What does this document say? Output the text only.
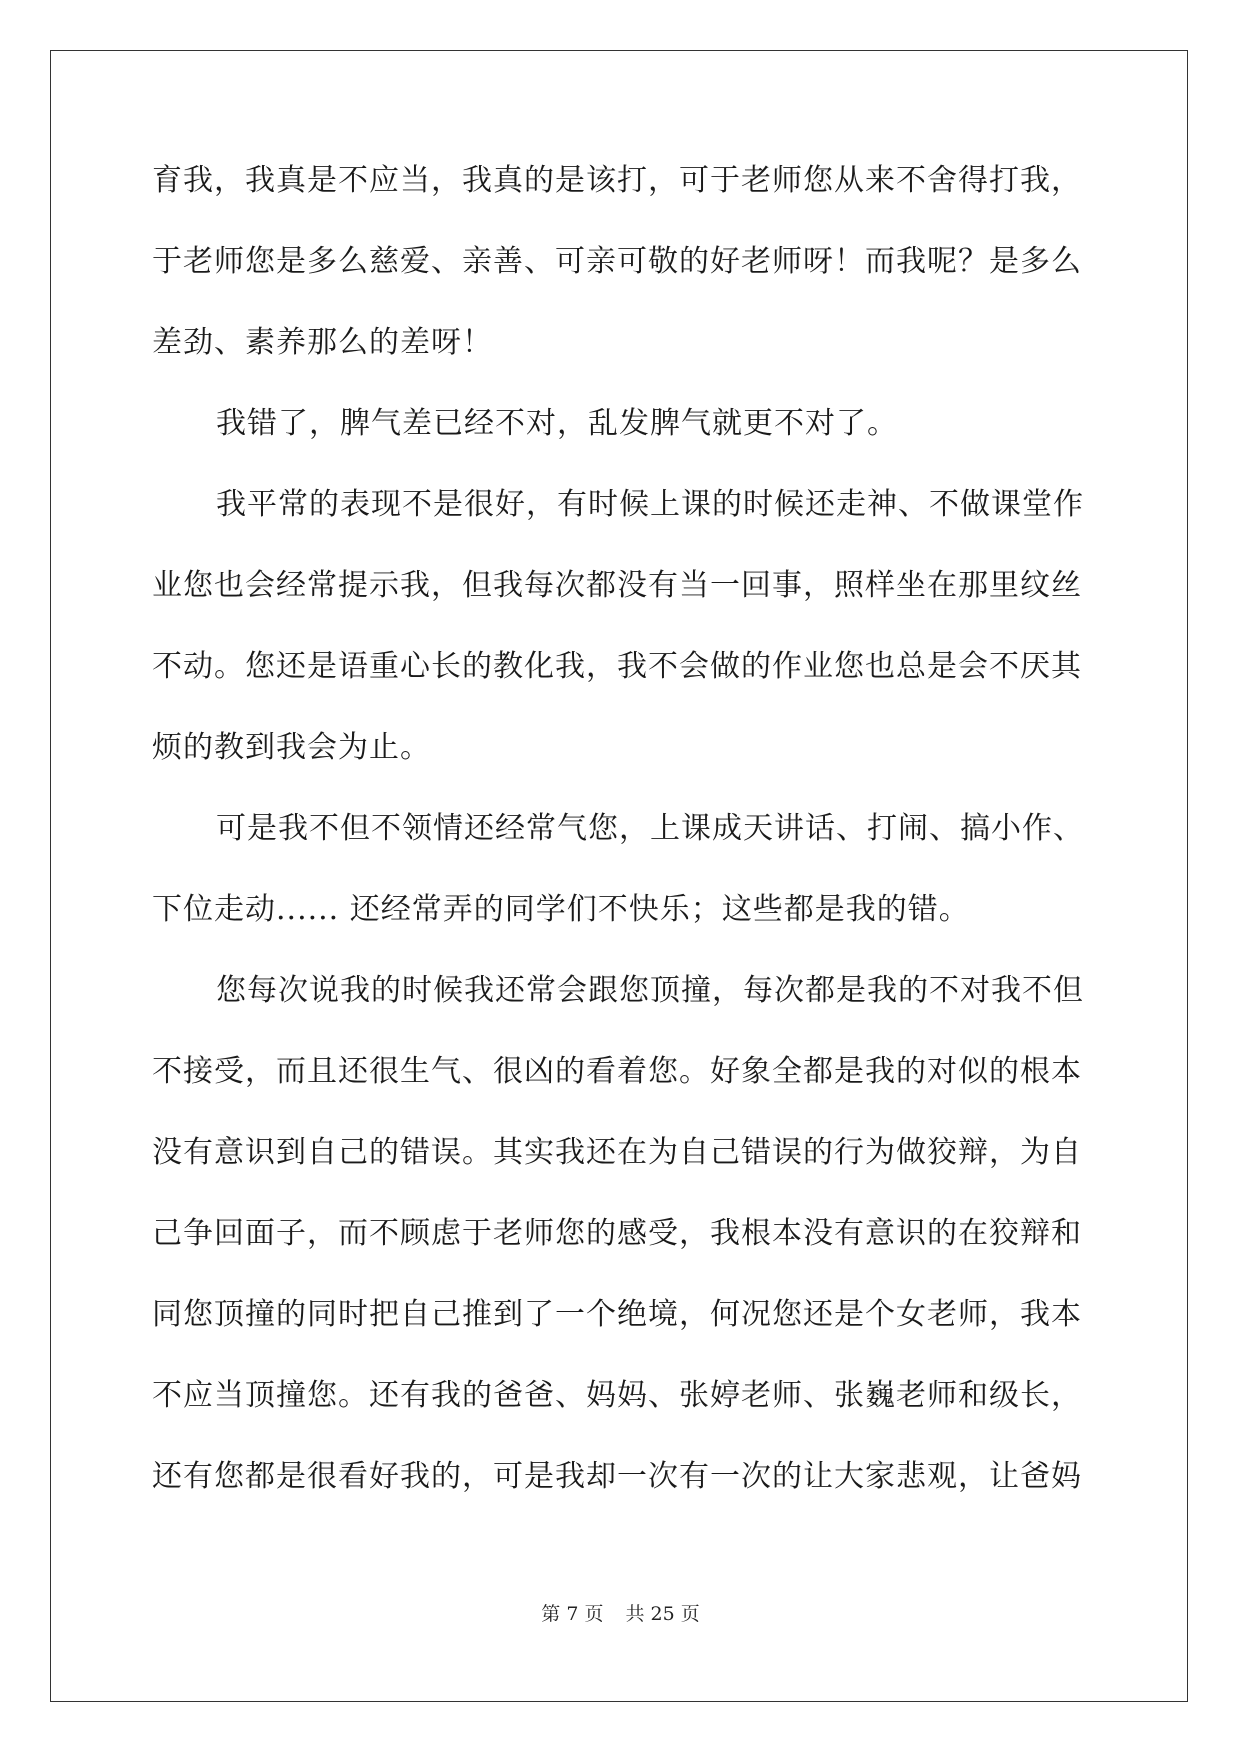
育我，我真是不应当，我真的是该打，可于老师您从来不舍得打我，
于老师您是多么慈爱、亲善、可亲可敬的好老师呀！而我呢？是多么
差劲、素养那么的差呀！
我错了，脾气差已经不对，乱发脾气就更不对了。
我平常的表现不是很好，有时候上课的时候还走神、不做课堂作
业您也会经常提示我，但我每次都没有当一回事，照样坐在那里纹丝
不动。您还是语重心长的教化我，我不会做的作业您也总是会不厌其
烦的教到我会为止。
可是我不但不领情还经常气您，上课成天讲话、打闹、搞小作、
下位走动...... 还经常弄的同学们不快乐；这些都是我的错。
您每次说我的时候我还常会跟您顶撞，每次都是我的不对我不但
不接受，而且还很生气、很凶的看着您。好象全都是我的对似的根本
没有意识到自己的错误。其实我还在为自己错误的行为做狡辩，为自
己争回面子，而不顾虑于老师您的感受，我根本没有意识的在狡辩和
同您顶撞的同时把自己推到了一个绝境，何况您还是个女老师，我本
不应当顶撞您。还有我的爸爸、妈妈、张婷老师、张巍老师和级长，
还有您都是很看好我的，可是我却一次有一次的让大家悲观，让爸妈
第 7 页 共 25 页
